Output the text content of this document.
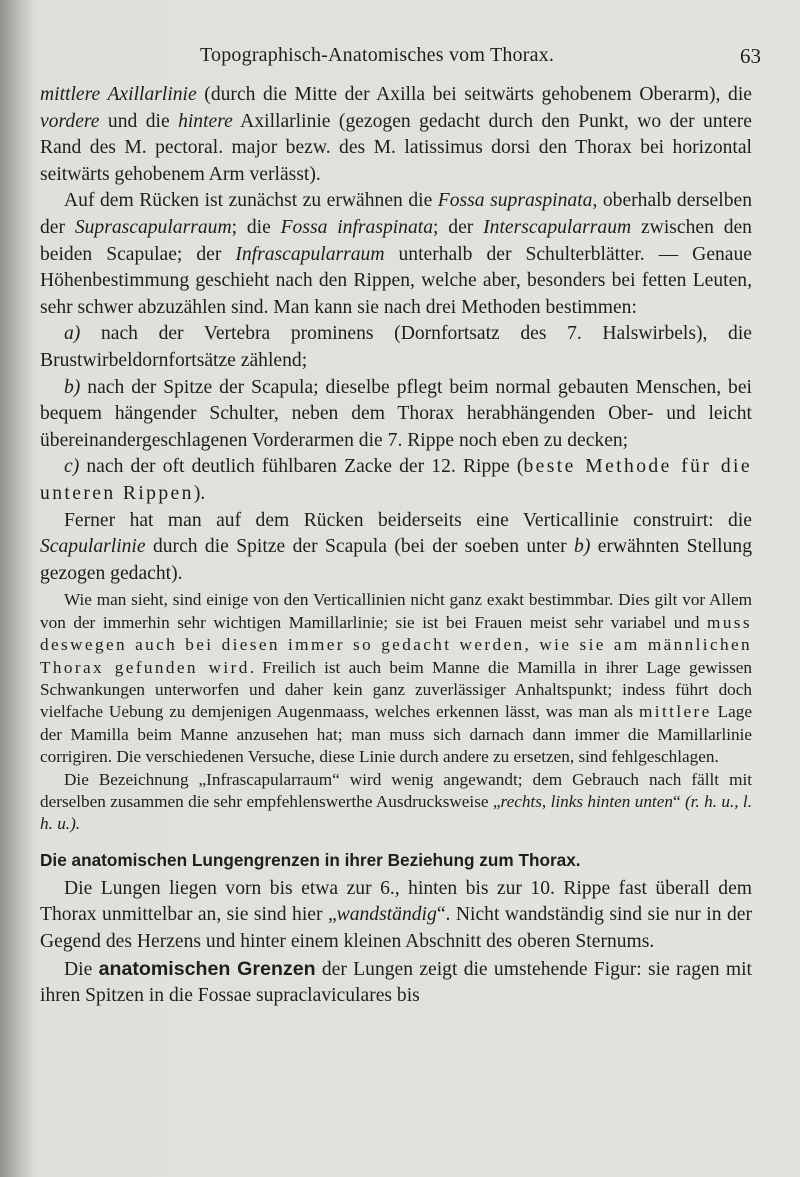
Topographisch-Anatomisches vom Thorax.	63

mittlere Axillarlinie (durch die Mitte der Axilla bei seitwärts gehobenem Oberarm), die vordere und die hintere Axillarlinie (gezogen gedacht durch den Punkt, wo der untere Rand des M. pectoral. major bezw. des M. latissimus dorsi den Thorax bei horizontal seitwärts gehobenem Arm verlässt).

Auf dem Rücken ist zunächst zu erwähnen die Fossa supraspinata, oberhalb derselben der Suprascapularraum; die Fossa infraspinata; der Interscapularraum zwischen den beiden Scapulae; der Infrascapularraum unterhalb der Schulterblätter. — Genaue Höhenbestimmung geschieht nach den Rippen, welche aber, besonders bei fetten Leuten, sehr schwer abzuzählen sind. Man kann sie nach drei Methoden bestimmen:

a) nach der Vertebra prominens (Dornfortsatz des 7. Halswirbels), die Brustwirbeldornfortsätze zählend;

b) nach der Spitze der Scapula; dieselbe pflegt beim normal gebauten Menschen, bei bequem hängender Schulter, neben dem Thorax herabhängenden Ober- und leicht übereinandergeschlagenen Vorderarmen die 7. Rippe noch eben zu decken;

c) nach der oft deutlich fühlbaren Zacke der 12. Rippe (beste Methode für die unteren Rippen).

Ferner hat man auf dem Rücken beiderseits eine Verticallinie construirt: die Scapularlinie durch die Spitze der Scapula (bei der soeben unter b) erwähnten Stellung gezogen gedacht).

Wie man sieht, sind einige von den Verticallinien nicht ganz exakt bestimmbar. Dies gilt vor Allem von der immerhin sehr wichtigen Mamillarlinie; sie ist bei Frauen meist sehr variabel und muss deswegen auch bei diesen immer so gedacht werden, wie sie am männlichen Thorax gefunden wird. Freilich ist auch beim Manne die Mamilla in ihrer Lage gewissen Schwankungen unterworfen und daher kein ganz zuverlässiger Anhaltspunkt; indess führt doch vielfache Uebung zu demjenigen Augenmaass, welches erkennen lässt, was man als mittlere Lage der Mamilla beim Manne anzusehen hat; man muss sich darnach dann immer die Mamillarlinie corrigiren. Die verschiedenen Versuche, diese Linie durch andere zu ersetzen, sind fehlgeschlagen.

Die Bezeichnung „Infrascapularraum“ wird wenig angewandt; dem Gebrauch nach fällt mit derselben zusammen die sehr empfehlenswerthe Ausdrucksweise „rechts, links hinten unten“ (r. h. u., l. h. u.).

Die anatomischen Lungengrenzen in ihrer Beziehung zum Thorax.

Die Lungen liegen vorn bis etwa zur 6., hinten bis zur 10. Rippe fast überall dem Thorax unmittelbar an, sie sind hier „wandständig“. Nicht wandständig sind sie nur in der Gegend des Herzens und hinter einem kleinen Abschnitt des oberen Sternums.

Die anatomischen Grenzen der Lungen zeigt die umstehende Figur: sie ragen mit ihren Spitzen in die Fossae supraclaviculares bis
